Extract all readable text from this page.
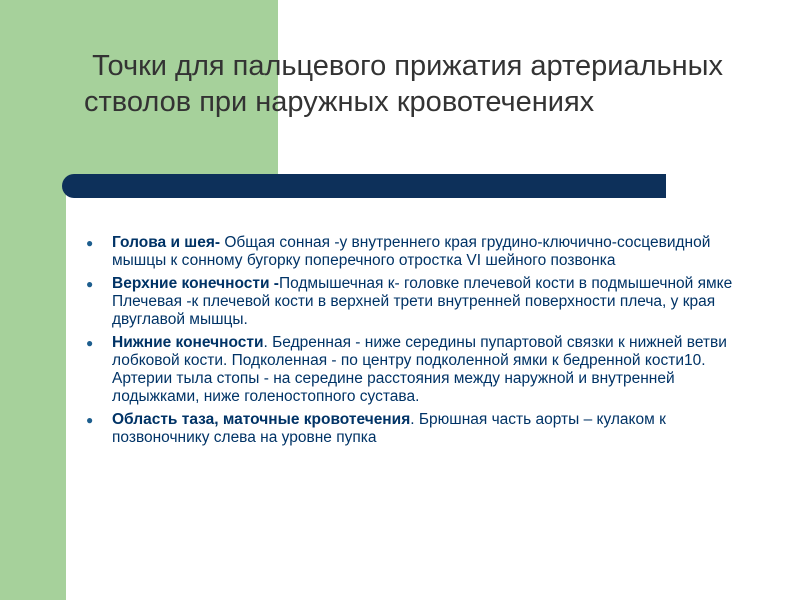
Точки для пальцевого прижатия артериальных стволов при наружных кровотечениях
● Голова и шея- Общая сонная -у внутреннего края грудино-ключично-сосцевидной мышцы к сонному бугорку поперечного отростка VI шейного позвонка
● Верхние конечности -Подмышечная к- головке плечевой кости в подмышечной ямке Плечевая -к плечевой кости в верхней трети внутренней поверхности плеча, у края двуглавой мышцы.
● Нижние конечности. Бедренная - ниже середины пупартовой связки к нижней ветви лобковой кости. Подколенная - по центру подколенной ямки к бедренной кости10. Артерии тыла стопы - на середине расстояния между наружной и внутренней лодыжками, ниже голеностопного сустава.
● Область таза, маточные кровотечения. Брюшная часть аорты – кулаком к позвоночнику слева на уровне пупка
